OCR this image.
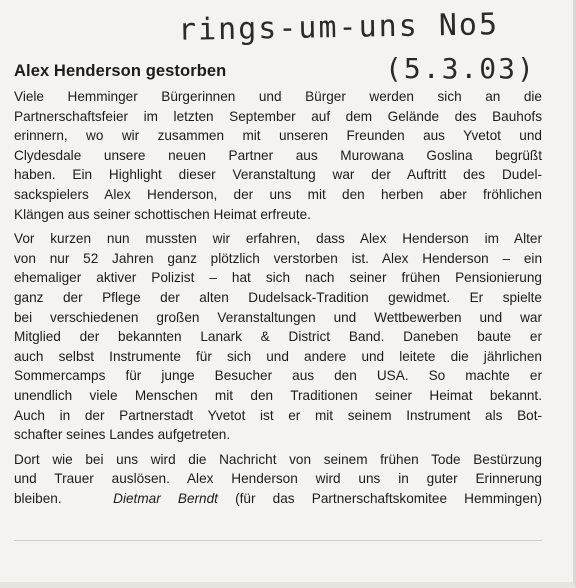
rings-um-uns No5
(5.3.03)
Alex Henderson gestorben

Viele Hemminger Bürgerinnen und Bürger werden sich an die
Partnerschaftsfeier im letzten September auf dem Gelände des Bauhofs
erinnern, wo wir zusammen mit unseren Freunden aus Yvetot und
Clydesdale unsere neuen Partner aus Murowana Goslina begrüßt
haben. Ein Highlight dieser Veranstaltung war der Auftritt des Dudel-
sackspielers Alex Henderson, der uns mit den herben aber fröhlichen
Klängen aus seiner schottischen Heimat erfreute.

Vor kurzen nun mussten wir erfahren, dass Alex Henderson im Alter
von nur 52 Jahren ganz plötzlich verstorben ist. Alex Henderson – ein
ehemaliger aktiver Polizist – hat sich nach seiner frühen Pensionierung
ganz der Pflege der alten Dudelsack-Tradition gewidmet. Er spielte
bei verschiedenen großen Veranstaltungen und Wettbewerben und war
Mitglied der bekannten Lanark & District Band. Daneben baute er
auch selbst Instrumente für sich und andere und leitete die jährlichen
Sommercamps für junge Besucher aus den USA. So machte er
unendlich viele Menschen mit den Traditionen seiner Heimat bekannt.
Auch in der Partnerstadt Yvetot ist er mit seinem Instrument als Bot-
schafter seines Landes aufgetreten.

Dort wie bei uns wird die Nachricht von seinem frühen Tode Bestürzung
und Trauer auslösen. Alex Henderson wird uns in guter Erinnerung
bleiben.	Dietmar Berndt (für das Partnerschaftskomitee Hemmingen)
